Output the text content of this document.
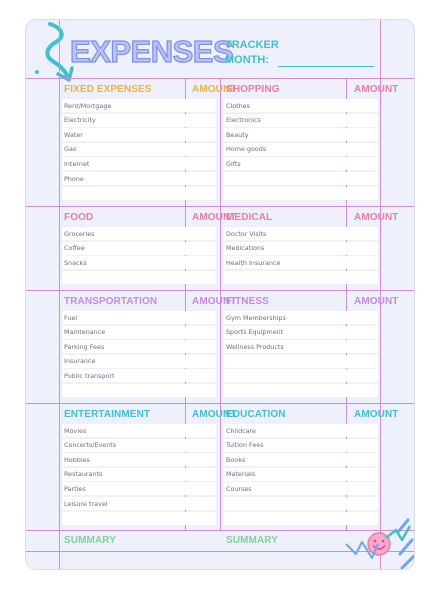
EXPENSES
TRACKER
MONTH:
FIXED EXPENSES	AMOUNT
Rent/Mortgage
Electricity
Water
Gas
Internet
Phone
SHOPPING	AMOUNT
Clothes
Electronics
Beauty
Home goods
Gifts
FOOD	AMOUNT
Groceries
Coffee
Snacks
MEDICAL	AMOUNT
Doctor Visits
Medications
Health Insurance
TRANSPORTATION	AMOUNT
Fuel
Maintenance
Parking Fees
Insurance
Public transport
FITNESS	AMOUNT
Gym Memberships
Sports Equipment
Wellness Products
ENTERTAINMENT	AMOUNT
Movies
Concerts/Events
Hobbies
Restaurants
Parties
Leisure travel
EDUCATION	AMOUNT
Childcare
Tuition Fees
Books
Materials
Courses
SUMMARY	SUMMARY
